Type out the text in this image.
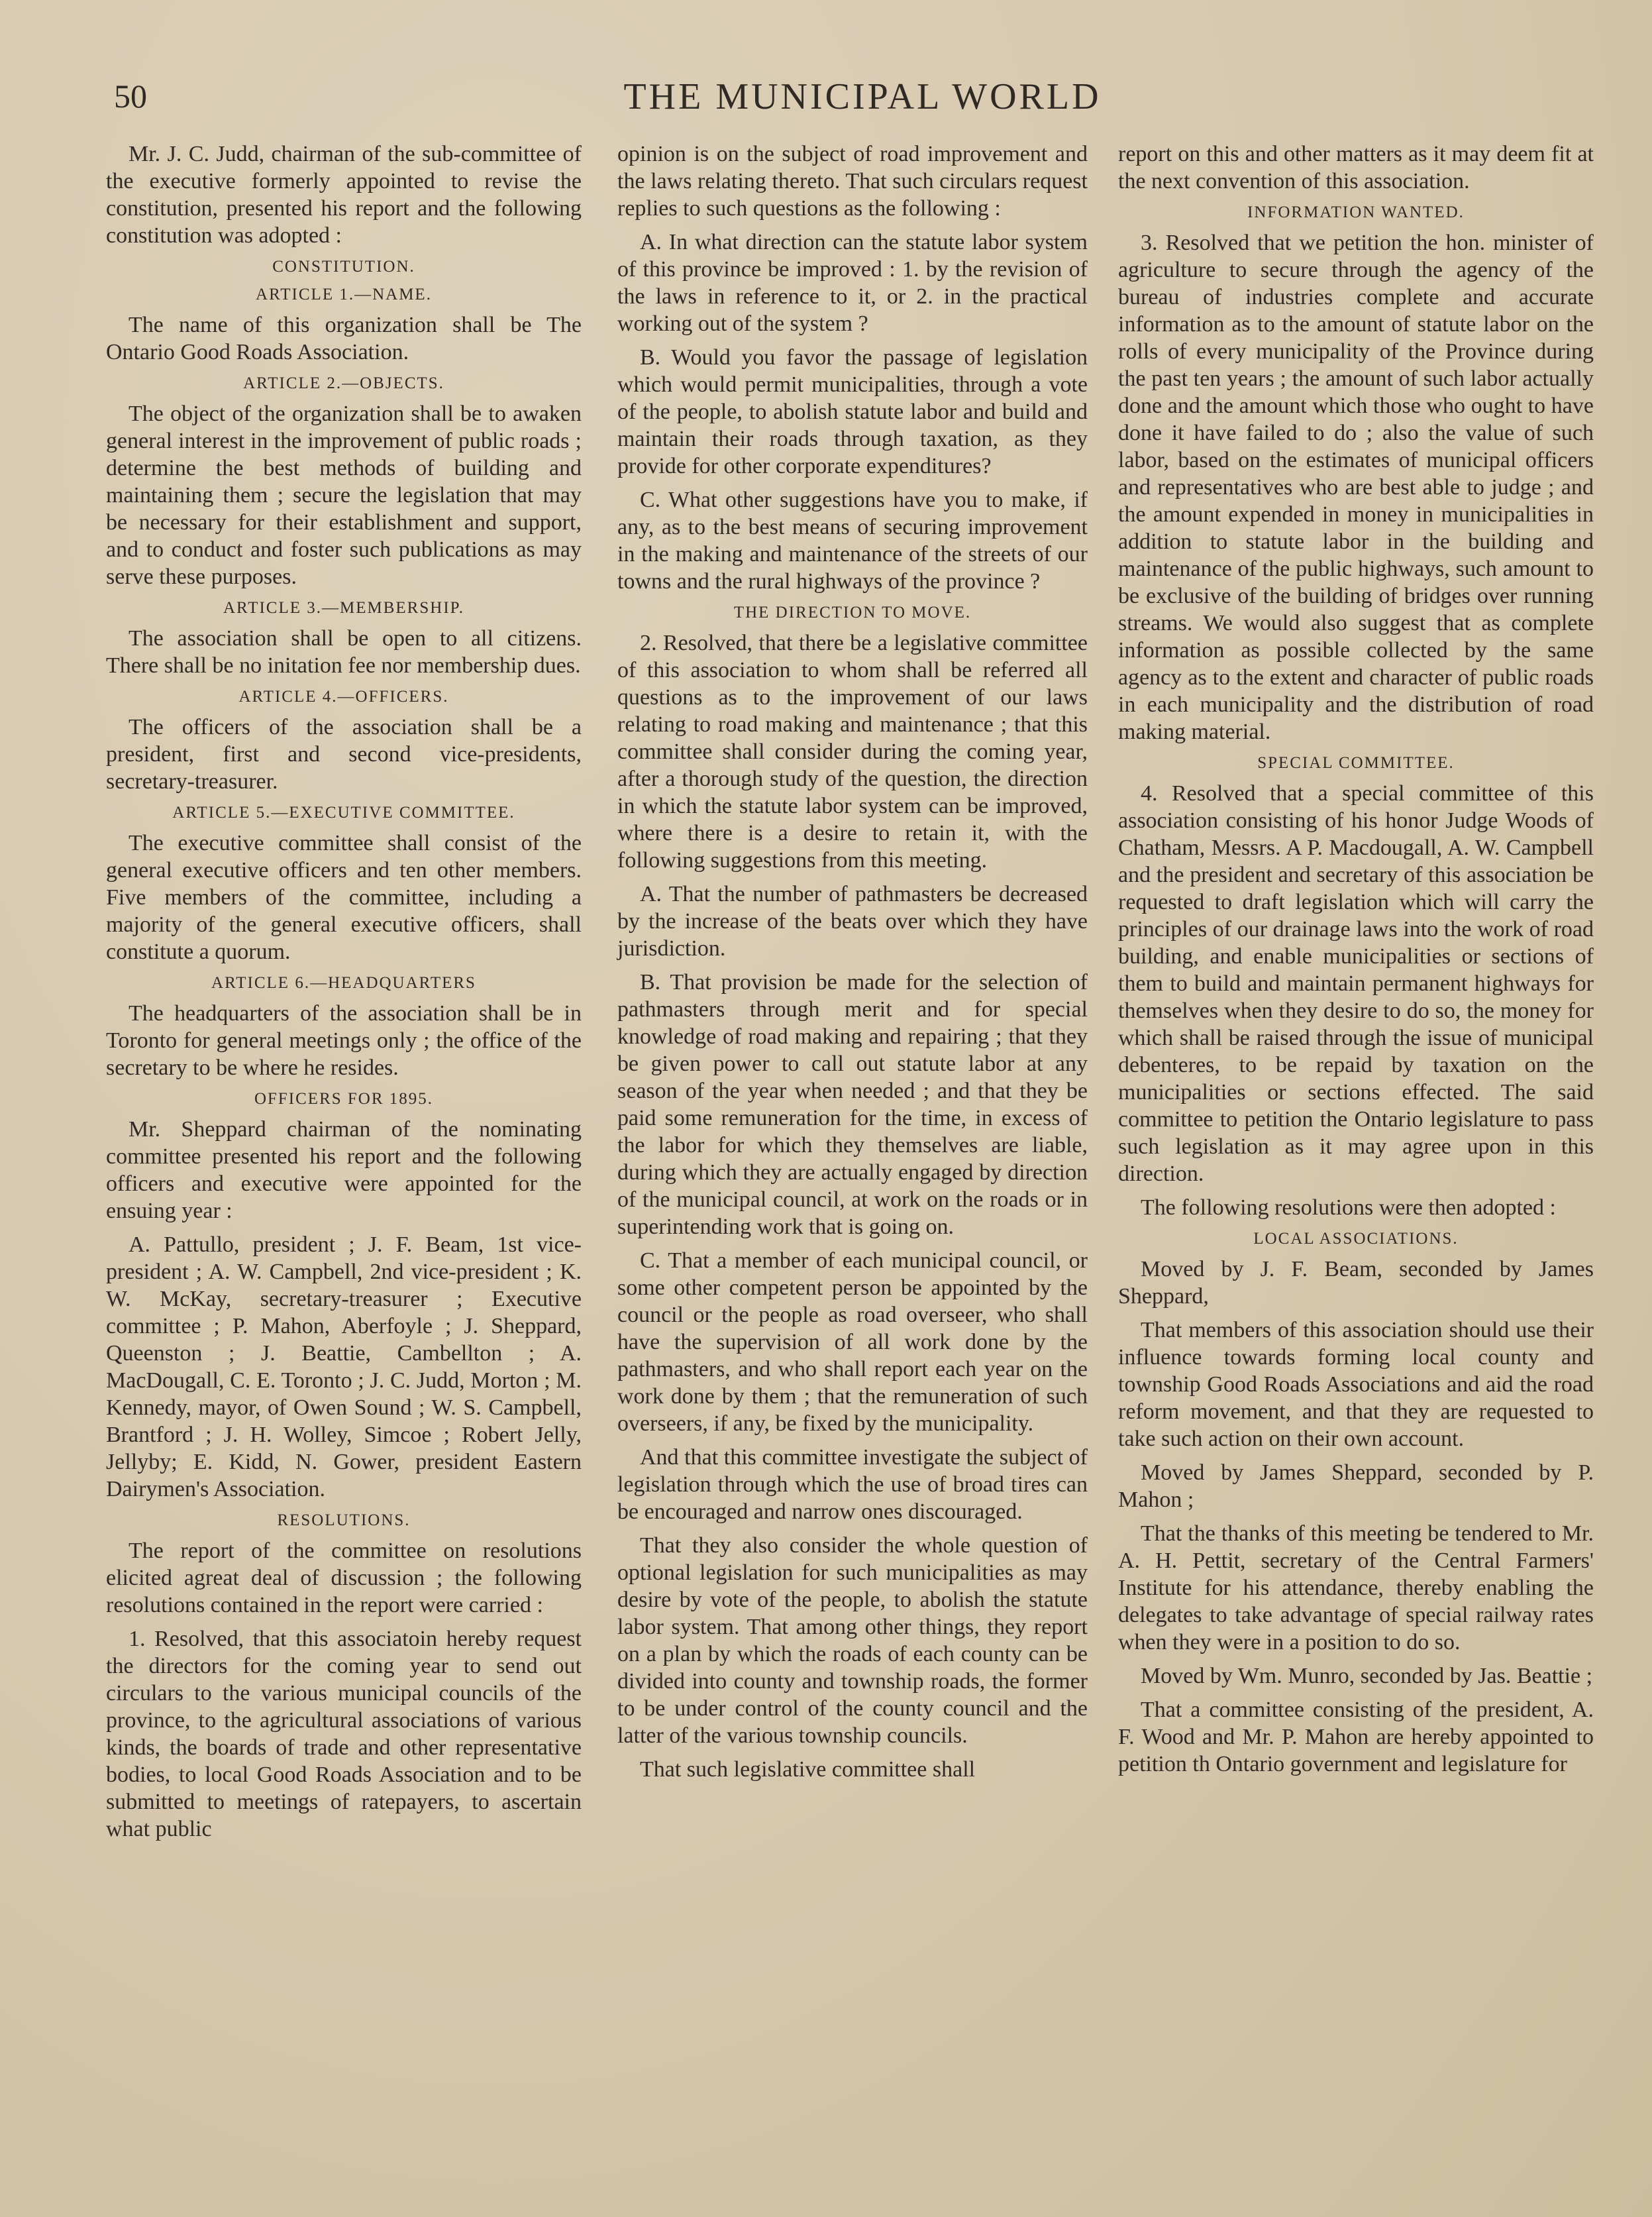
50	THE MUNICIPAL WORLD

Mr. J. C. Judd, chairman of the sub-committee of the executive formerly appointed to revise the constitution, presented his report and the following constitution was adopted :

CONSTITUTION.
ARTICLE 1.—NAME.

The name of this organization shall be The Ontario Good Roads Association.

ARTICLE 2.—OBJECTS.

The object of the organization shall be to awaken general interest in the improvement of public roads ; determine the best methods of building and maintaining them ; secure the legislation that may be necessary for their establishment and support, and to conduct and foster such publications as may serve these purposes.

ARTICLE 3.—MEMBERSHIP.

The association shall be open to all citizens. There shall be no initation fee nor membership dues.

ARTICLE 4.—OFFICERS.

The officers of the association shall be a president, first and second vice-presidents, secretary-treasurer.

ARTICLE 5.—EXECUTIVE COMMITTEE.

The executive committee shall consist of the general executive officers and ten other members. Five members of the committee, including a majority of the general executive officers, shall constitute a quorum.

ARTICLE 6.—HEADQUARTERS

The headquarters of the association shall be in Toronto for general meetings only ; the office of the secretary to be where he resides.

OFFICERS FOR 1895.

Mr. Sheppard chairman of the nominating committee presented his report and the following officers and executive were appointed for the ensuing year :

A. Pattullo, president ; J. F. Beam, 1st vice-president ; A. W. Campbell, 2nd vice-president ; K. W. McKay, secretary-treasurer ; Executive committee ; P. Mahon, Aberfoyle ; J. Sheppard, Queenston ; J. Beattie, Cambellton ; A. MacDougall, C. E. Toronto ; J. C. Judd, Morton ; M. Kennedy, mayor, of Owen Sound ; W. S. Campbell, Brantford ; J. H. Wolley, Simcoe ; Robert Jelly, Jellyby; E. Kidd, N. Gower, president Eastern Dairymen's Association.

RESOLUTIONS.

The report of the committee on resolutions elicited agreat deal of discussion ; the following resolutions contained in the report were carried :

1. Resolved, that this associatoin hereby request the directors for the coming year to send out circulars to the various municipal councils of the province, to the agricultural associations of various kinds, the boards of trade and other representative bodies, to local Good Roads Association and to be submitted to meetings of ratepayers, to ascertain what public

opinion is on the subject of road improvement and the laws relating thereto. That such circulars request replies to such questions as the following :

A. In what direction can the statute labor system of this province be improved : 1. by the revision of the laws in reference to it, or 2. in the practical working out of the system ?

B. Would you favor the passage of legislation which would permit municipalities, through a vote of the people, to abolish statute labor and build and maintain their roads through taxation, as they provide for other corporate expenditures?

C. What other suggestions have you to make, if any, as to the best means of securing improvement in the making and maintenance of the streets of our towns and the rural highways of the province ?

THE DIRECTION TO MOVE.

2. Resolved, that there be a legislative committee of this association to whom shall be referred all questions as to the improvement of our laws relating to road making and maintenance ; that this committee shall consider during the coming year, after a thorough study of the question, the direction in which the statute labor system can be improved, where there is a desire to retain it, with the following suggestions from this meeting.

A. That the number of pathmasters be decreased by the increase of the beats over which they have jurisdiction.

B. That provision be made for the selection of pathmasters through merit and for special knowledge of road making and repairing ; that they be given power to call out statute labor at any season of the year when needed ; and that they be paid some remuneration for the time, in excess of the labor for which they themselves are liable, during which they are actually engaged by direction of the municipal council, at work on the roads or in superintending work that is going on.

C. That a member of each municipal council, or some other competent person be appointed by the council or the people as road overseer, who shall have the supervision of all work done by the pathmasters, and who shall report each year on the work done by them ; that the remuneration of such overseers, if any, be fixed by the municipality.

And that this committee investigate the subject of legislation through which the use of broad tires can be encouraged and narrow ones discouraged.

That they also consider the whole question of optional legislation for such municipalities as may desire by vote of the people, to abolish the statute labor system. That among other things, they report on a plan by which the roads of each county can be divided into county and township roads, the former to be under control of the county council and the latter of the various township councils.

That such legislative committee shall

report on this and other matters as it may deem fit at the next convention of this association.

INFORMATION WANTED.

3. Resolved that we petition the hon. minister of agriculture to secure through the agency of the bureau of industries complete and accurate information as to the amount of statute labor on the rolls of every municipality of the Province during the past ten years ; the amount of such labor actually done and the amount which those who ought to have done it have failed to do ; also the value of such labor, based on the estimates of municipal officers and representatives who are best able to judge ; and the amount expended in money in municipalities in addition to statute labor in the building and maintenance of the public highways, such amount to be exclusive of the building of bridges over running streams. We would also suggest that as complete information as possible collected by the same agency as to the extent and character of public roads in each municipality and the distribution of road making material.

SPECIAL COMMITTEE.

4. Resolved that a special committee of this association consisting of his honor Judge Woods of Chatham, Messrs. A P. Macdougall, A. W. Campbell and the president and secretary of this association be requested to draft legislation which will carry the principles of our drainage laws into the work of road building, and enable municipalities or sections of them to build and maintain permanent highways for themselves when they desire to do so, the money for which shall be raised through the issue of municipal debenteres, to be repaid by taxation on the municipalities or sections effected. The said committee to petition the Ontario legislature to pass such legislation as it may agree upon in this direction.

The following resolutions were then adopted :

LOCAL ASSOCIATIONS.

Moved by J. F. Beam, seconded by James Sheppard,

That members of this association should use their influence towards forming local county and township Good Roads Associations and aid the road reform movement, and that they are requested to take such action on their own account.

Moved by James Sheppard, seconded by P. Mahon ;

That the thanks of this meeting be tendered to Mr. A. H. Pettit, secretary of the Central Farmers' Institute for his attendance, thereby enabling the delegates to take advantage of special railway rates when they were in a position to do so.

Moved by Wm. Munro, seconded by Jas. Beattie ;

That a committee consisting of the president, A. F. Wood and Mr. P. Mahon are hereby appointed to petition th Ontario government and legislature for
